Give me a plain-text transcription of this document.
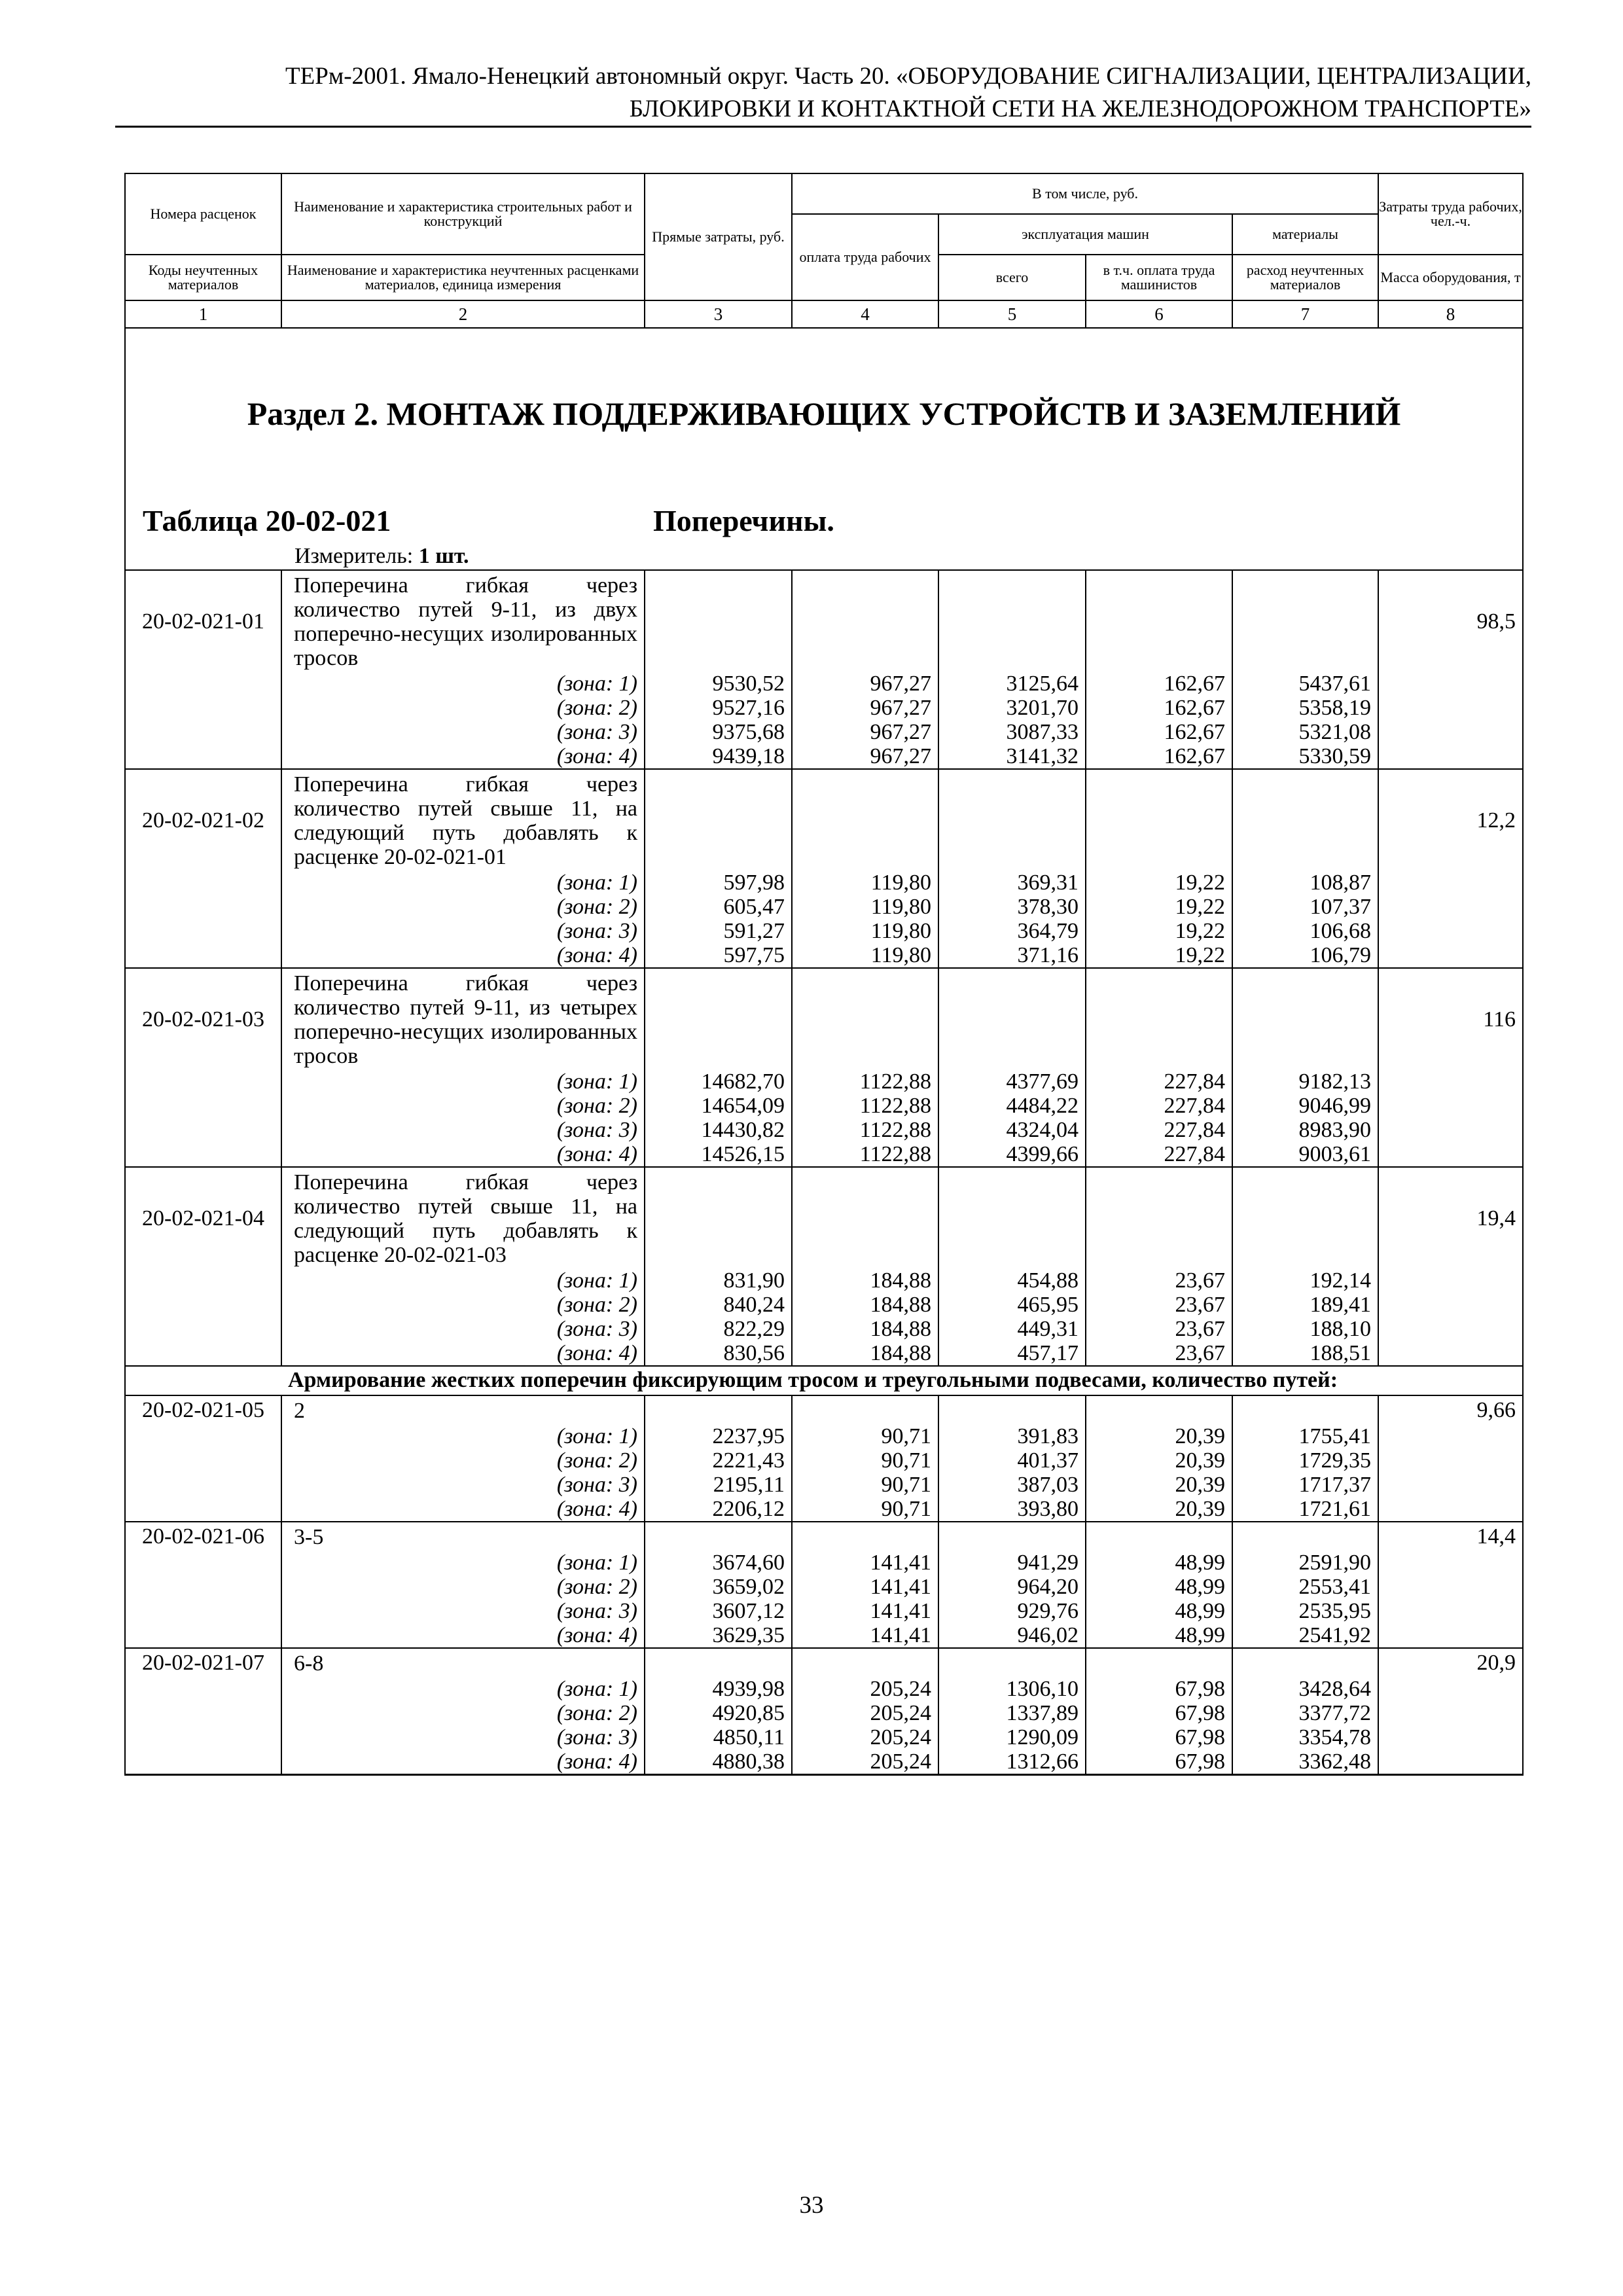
ТЕРм-2001. Ямало-Ненецкий автономный округ. Часть 20. «ОБОРУДОВАНИЕ СИГНАЛИЗАЦИИ, ЦЕНТРАЛИЗАЦИИ,
БЛОКИРОВКИ И КОНТАКТНОЙ СЕТИ НА ЖЕЛЕЗНОДОРОЖНОМ ТРАНСПОРТЕ»
Номера расценок	Наименование и характеристика строительных работ и конструкций	Прямые затраты, руб.	В том числе, руб.				Затраты труда рабочих, чел.-ч.
			оплата труда рабочих	эксплуатация машин		материалы	
Коды неучтенных материалов	Наименование и характеристика неучтенных расценками материалов, единица измерения			всего	в т.ч. оплата труда машинистов	расход неучтенных материалов	Масса оборудования, т
1	2	3	4	5	6	7	8

Раздел 2. МОНТАЖ ПОДДЕРЖИВАЮЩИХ УСТРОЙСТВ И ЗАЗЕМЛЕНИЙ
Таблица 20-02-021 Поперечины.
Измеритель: 1 шт.							

20-02-021-01	Поперечина гибкая через количество путей 9-11, из двух поперечно-несущих изолированных тросов						98,5
	(зона: 1)	9530,52	967,27	3125,64	162,67	5437,61	
	(зона: 2)	9527,16	967,27	3201,70	162,67	5358,19	
	(зона: 3)	9375,68	967,27	3087,33	162,67	5321,08	
	(зона: 4)	9439,18	967,27	3141,32	162,67	5330,59	
20-02-021-02	Поперечина гибкая через количество путей свыше 11, на следующий путь добавлять к расценке 20-02-021-01						12,2
	(зона: 1)	597,98	119,80	369,31	19,22	108,87	
	(зона: 2)	605,47	119,80	378,30	19,22	107,37	
	(зона: 3)	591,27	119,80	364,79	19,22	106,68	
	(зона: 4)	597,75	119,80	371,16	19,22	106,79	
20-02-021-03	Поперечина гибкая через количество путей 9-11, из четырех поперечно-несущих изолированных тросов						116
	(зона: 1)	14682,70	1122,88	4377,69	227,84	9182,13	
	(зона: 2)	14654,09	1122,88	4484,22	227,84	9046,99	
	(зона: 3)	14430,82	1122,88	4324,04	227,84	8983,90	
	(зона: 4)	14526,15	1122,88	4399,66	227,84	9003,61	
20-02-021-04	Поперечина гибкая через количество путей свыше 11, на следующий путь добавлять к расценке 20-02-021-03						19,4
	(зона: 1)	831,90	184,88	454,88	23,67	192,14	
	(зона: 2)	840,24	184,88	465,95	23,67	189,41	
	(зона: 3)	822,29	184,88	449,31	23,67	188,10	
	(зона: 4)	830,56	184,88	457,17	23,67	188,51	
Армирование жестких поперечин фиксирующим тросом и треугольными подвесами, количество путей:							
20-02-021-05	2						9,66
	(зона: 1)	2237,95	90,71	391,83	20,39	1755,41	
	(зона: 2)	2221,43	90,71	401,37	20,39	1729,35	
	(зона: 3)	2195,11	90,71	387,03	20,39	1717,37	
	(зона: 4)	2206,12	90,71	393,80	20,39	1721,61	
20-02-021-06	3-5						14,4
	(зона: 1)	3674,60	141,41	941,29	48,99	2591,90	
	(зона: 2)	3659,02	141,41	964,20	48,99	2553,41	
	(зона: 3)	3607,12	141,41	929,76	48,99	2535,95	
	(зона: 4)	3629,35	141,41	946,02	48,99	2541,92	
20-02-021-07	6-8						20,9
	(зона: 1)	4939,98	205,24	1306,10	67,98	3428,64	
	(зона: 2)	4920,85	205,24	1337,89	67,98	3377,72	
	(зона: 3)	4850,11	205,24	1290,09	67,98	3354,78	
	(зона: 4)	4880,38	205,24	1312,66	67,98	3362,48	
33
